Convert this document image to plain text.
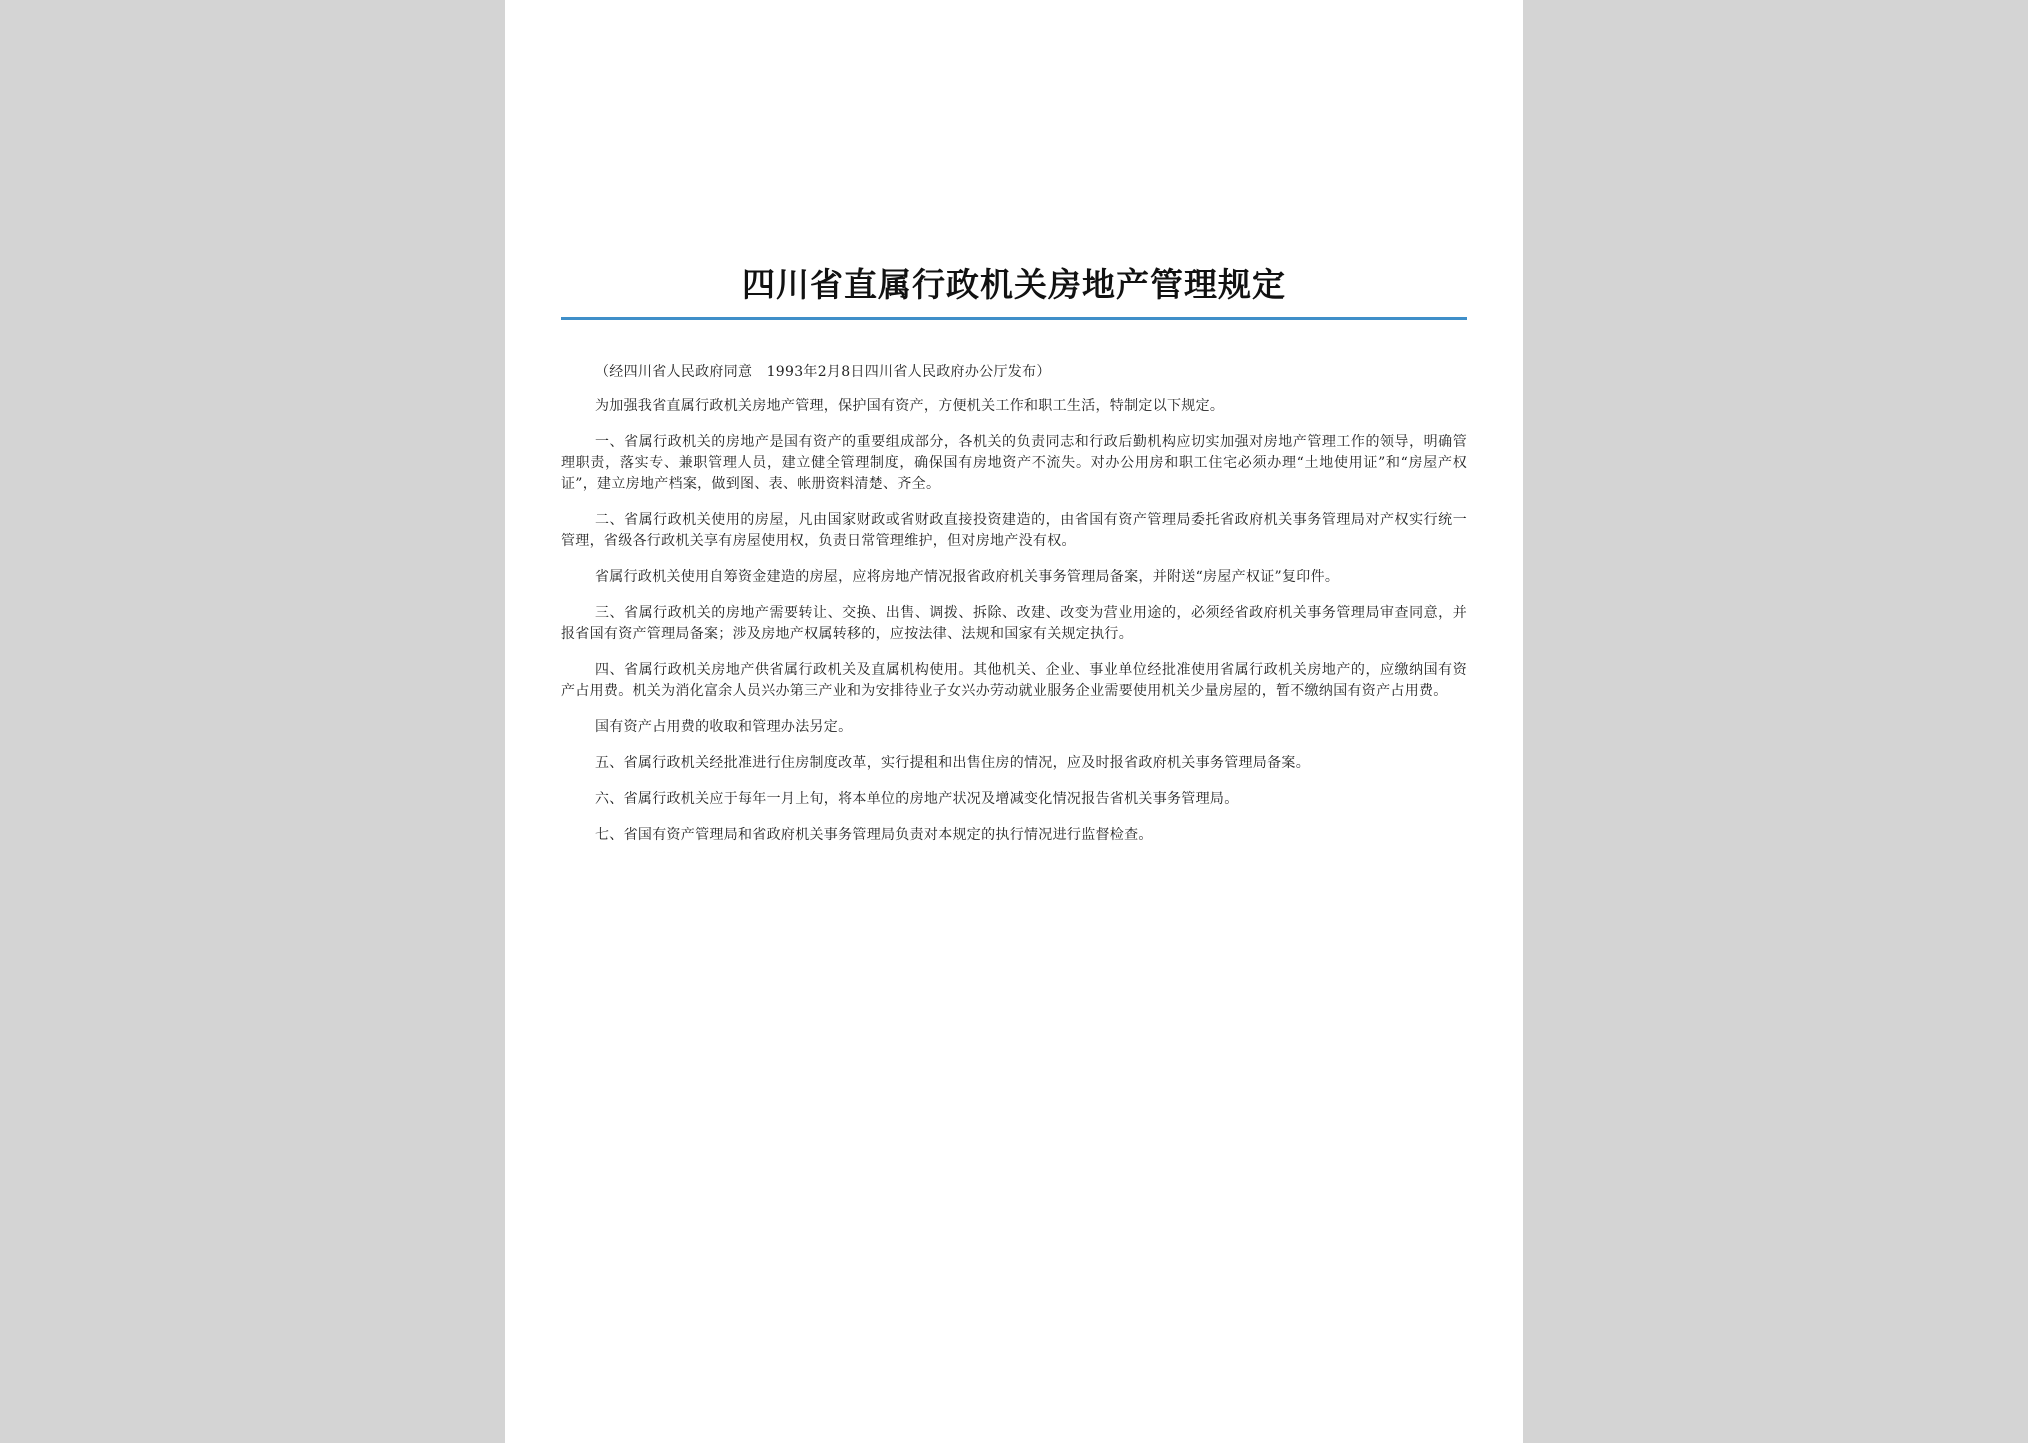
四川省直属行政机关房地产管理规定

（经四川省人民政府同意　1993年2月8日四川省人民政府办公厅发布）

为加强我省直属行政机关房地产管理，保护国有资产，方便机关工作和职工生活，特制定以下规定。

一、省属行政机关的房地产是国有资产的重要组成部分，各机关的负责同志和行政后勤机构应切实加强对房地产管理工作的领导，明确管理职责，落实专、兼职管理人员，建立健全管理制度，确保国有房地资产不流失。对办公用房和职工住宅必须办理“土地使用证”和“房屋产权证”，建立房地产档案，做到图、表、帐册资料清楚、齐全。

二、省属行政机关使用的房屋，凡由国家财政或省财政直接投资建造的，由省国有资产管理局委托省政府机关事务管理局对产权实行统一管理，省级各行政机关享有房屋使用权，负责日常管理维护，但对房地产没有权。

省属行政机关使用自筹资金建造的房屋，应将房地产情况报省政府机关事务管理局备案，并附送“房屋产权证”复印件。

三、省属行政机关的房地产需要转让、交换、出售、调拨、拆除、改建、改变为营业用途的，必须经省政府机关事务管理局审查同意，并报省国有资产管理局备案；涉及房地产权属转移的，应按法律、法规和国家有关规定执行。

四、省属行政机关房地产供省属行政机关及直属机构使用。其他机关、企业、事业单位经批准使用省属行政机关房地产的，应缴纳国有资产占用费。机关为消化富余人员兴办第三产业和为安排待业子女兴办劳动就业服务企业需要使用机关少量房屋的，暂不缴纳国有资产占用费。

国有资产占用费的收取和管理办法另定。

五、省属行政机关经批准进行住房制度改革，实行提租和出售住房的情况，应及时报省政府机关事务管理局备案。

六、省属行政机关应于每年一月上旬，将本单位的房地产状况及增减变化情况报告省机关事务管理局。

七、省国有资产管理局和省政府机关事务管理局负责对本规定的执行情况进行监督检查。
